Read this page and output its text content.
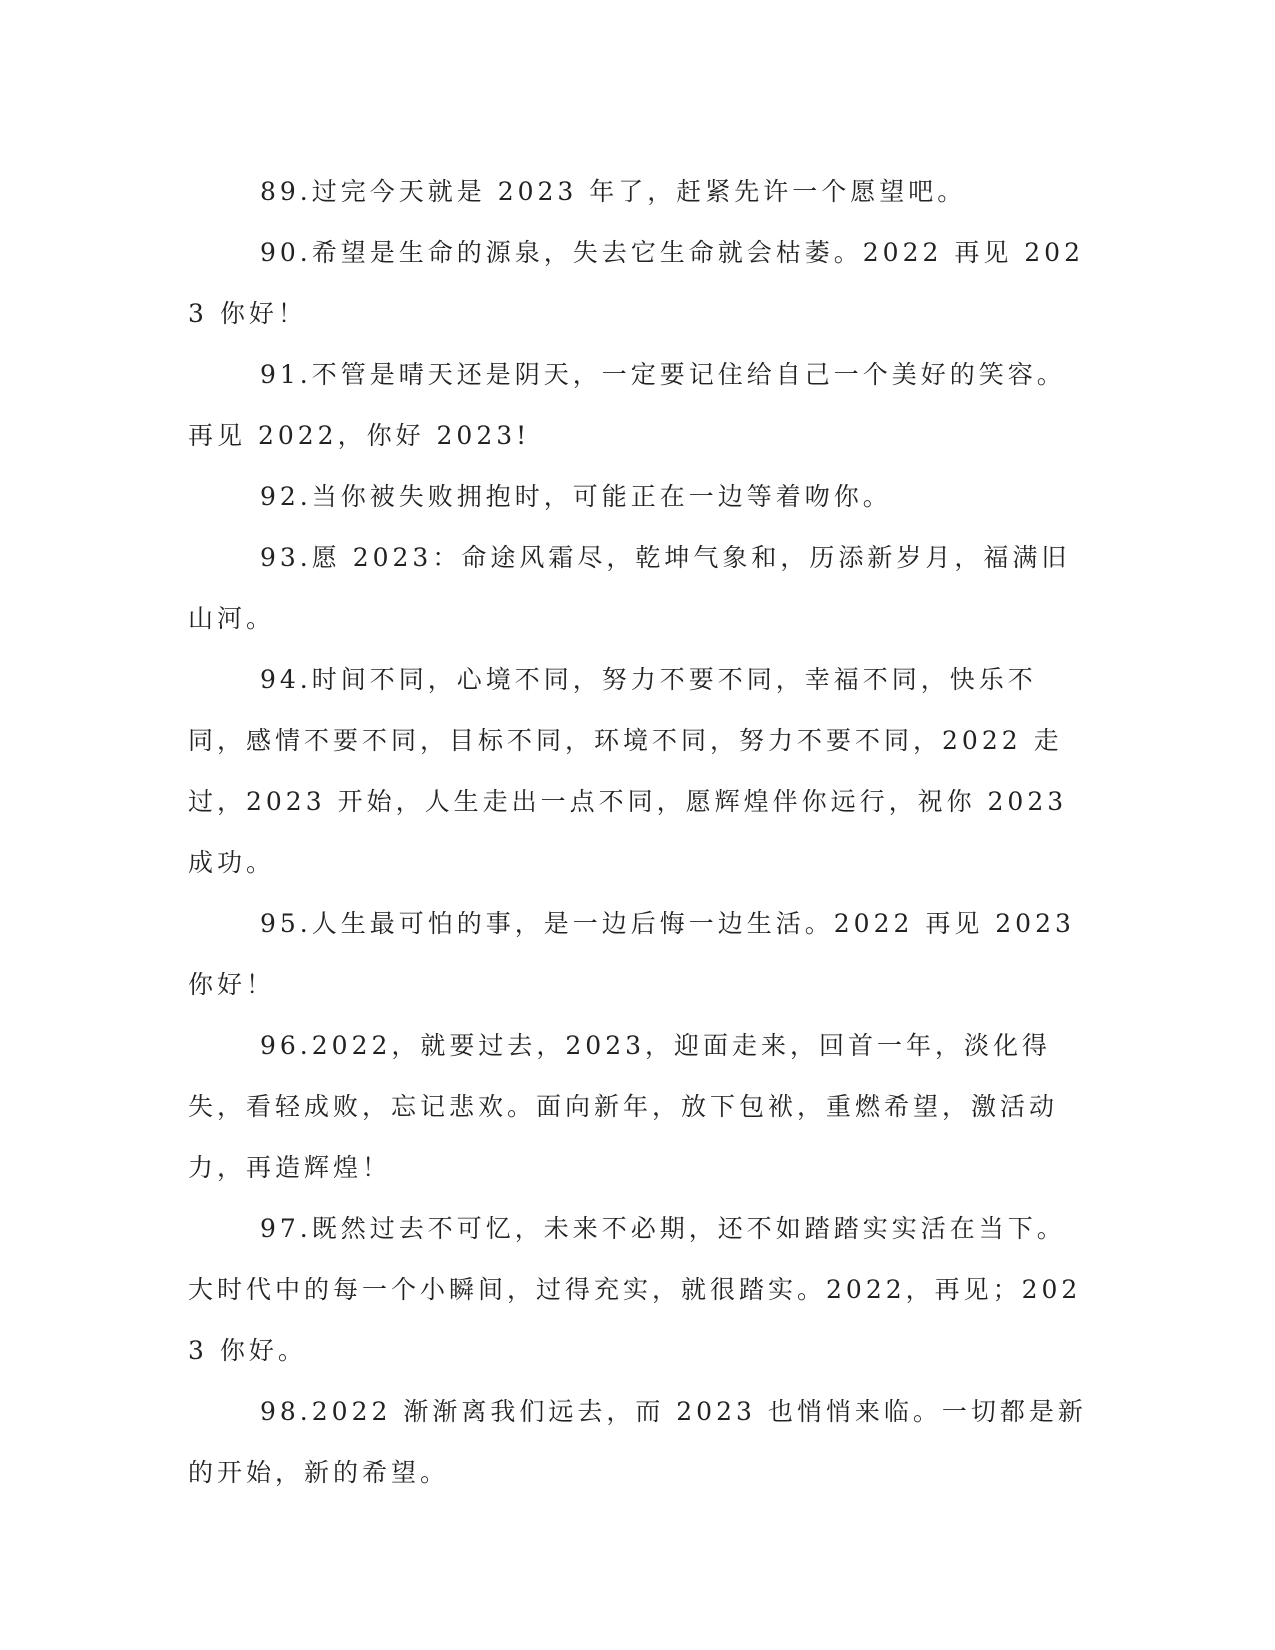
89.过完今天就是 2023 年了，赶紧先许一个愿望吧。

90.希望是生命的源泉，失去它生命就会枯萎。2022 再见 2023 你好！

91.不管是晴天还是阴天，一定要记住给自己一个美好的笑容。再见 2022，你好 2023!

92.当你被失败拥抱时，可能正在一边等着吻你。

93.愿 2023：命途风霜尽，乾坤气象和，历添新岁月，福满旧山河。

94.时间不同，心境不同，努力不要不同，幸福不同，快乐不同，感情不要不同，目标不同，环境不同，努力不要不同，2022 走过，2023 开始，人生走出一点不同，愿辉煌伴你远行，祝你 2023 成功。

95.人生最可怕的事，是一边后悔一边生活。2022 再见 2023 你好！

96.2022，就要过去，2023，迎面走来，回首一年，淡化得失，看轻成败，忘记悲欢。面向新年，放下包袱，重燃希望，激活动力，再造辉煌！

97.既然过去不可忆，未来不必期，还不如踏踏实实活在当下。大时代中的每一个小瞬间，过得充实，就很踏实。2022，再见；2023 你好。

98.2022 渐渐离我们远去，而 2023 也悄悄来临。一切都是新的开始，新的希望。
